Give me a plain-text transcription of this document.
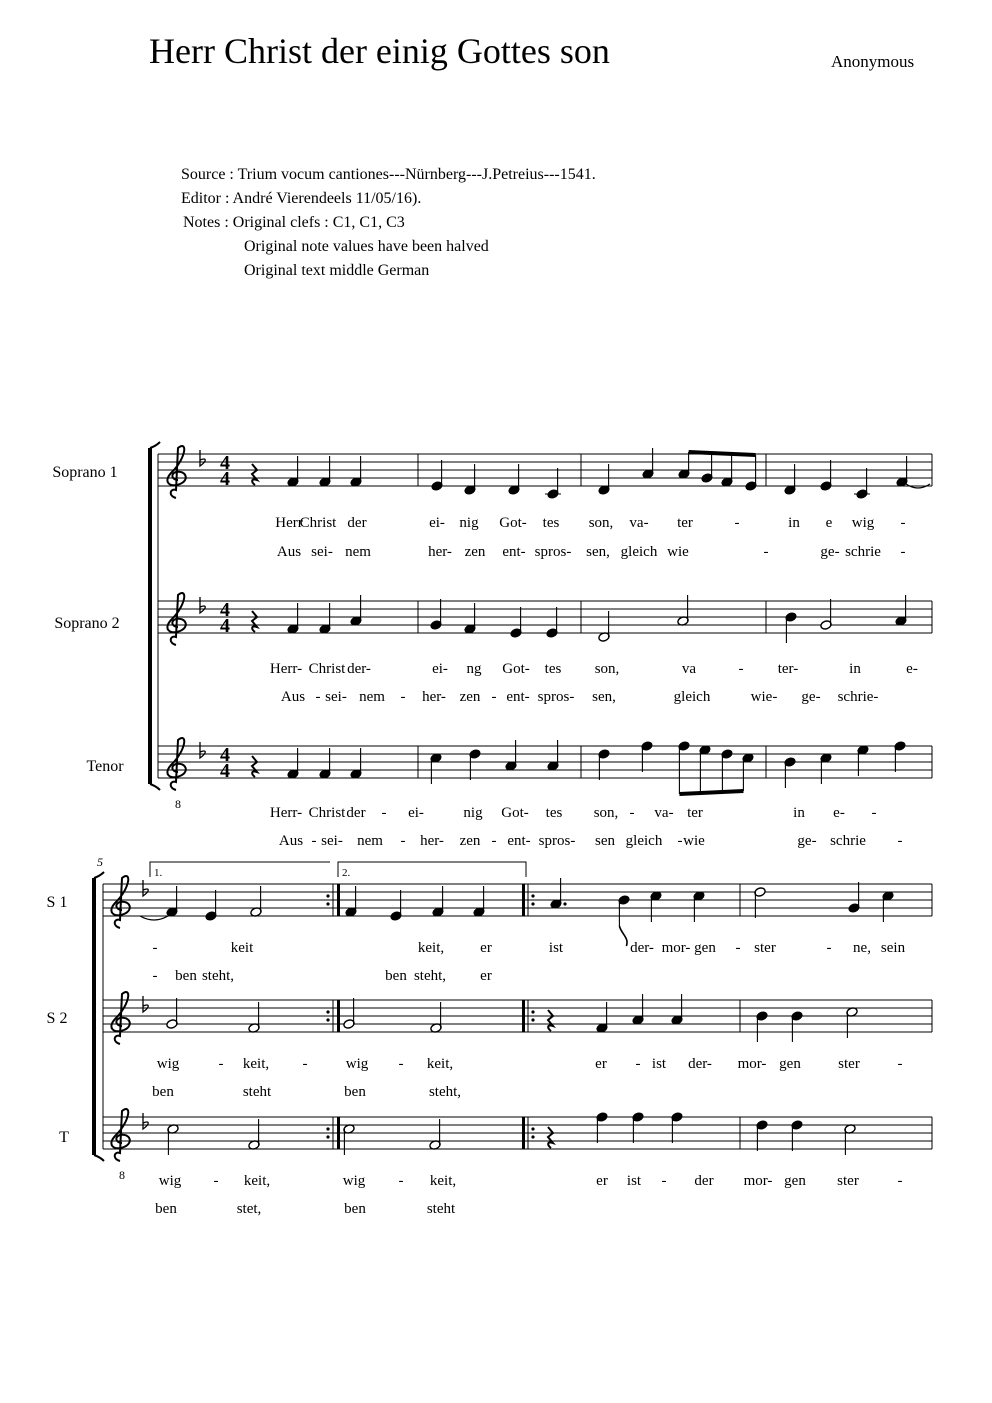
Herr Christ der einig Gottes son	Anonymous
Source : Trium vocum cantiones---Nürnberg---J.Petreius---1541.
Editor : André Vierendeels 11/05/16).
Notes : Original clefs : C1, C1, C3
Original note values have been halved
Original text middle German
Soprano 1
Soprano 2
Tenor
4
4
4
4
8
4
4
Herr
Christ der	ei- nig Got- tes son, va- ter	-	in e wig -
Aus sei- nem	her- zen ent- spros- sen, gleich wie	-	ge- schrie -
Herr- Christ der-	ei- ng Got- tes son,	va	- ter-	in	e-
Aus - sei- nem - her- zen - ent- spros- sen,	gleich	wie- ge- schrie-
Herr- Christ der - ei-	nig Got- tes son, - va- ter	in e- -
Aus - sei- nem - her- zen - ent- spros- sen gleich - wie	ge- schrie -
S 1
S 2
T
5
1.	2.
8
-	keit	keit, er	ist	der- mor- gen - ster	- ne, sein
- ben steht,	ben steht, er
wig	- keit, -	wig - keit,	er - ist der- mor- gen ster	-
ben	steht	ben	steht,
wig - keit,	wig - keit,	er ist - der mor- gen ster	-
ben	stet,	ben	steht
